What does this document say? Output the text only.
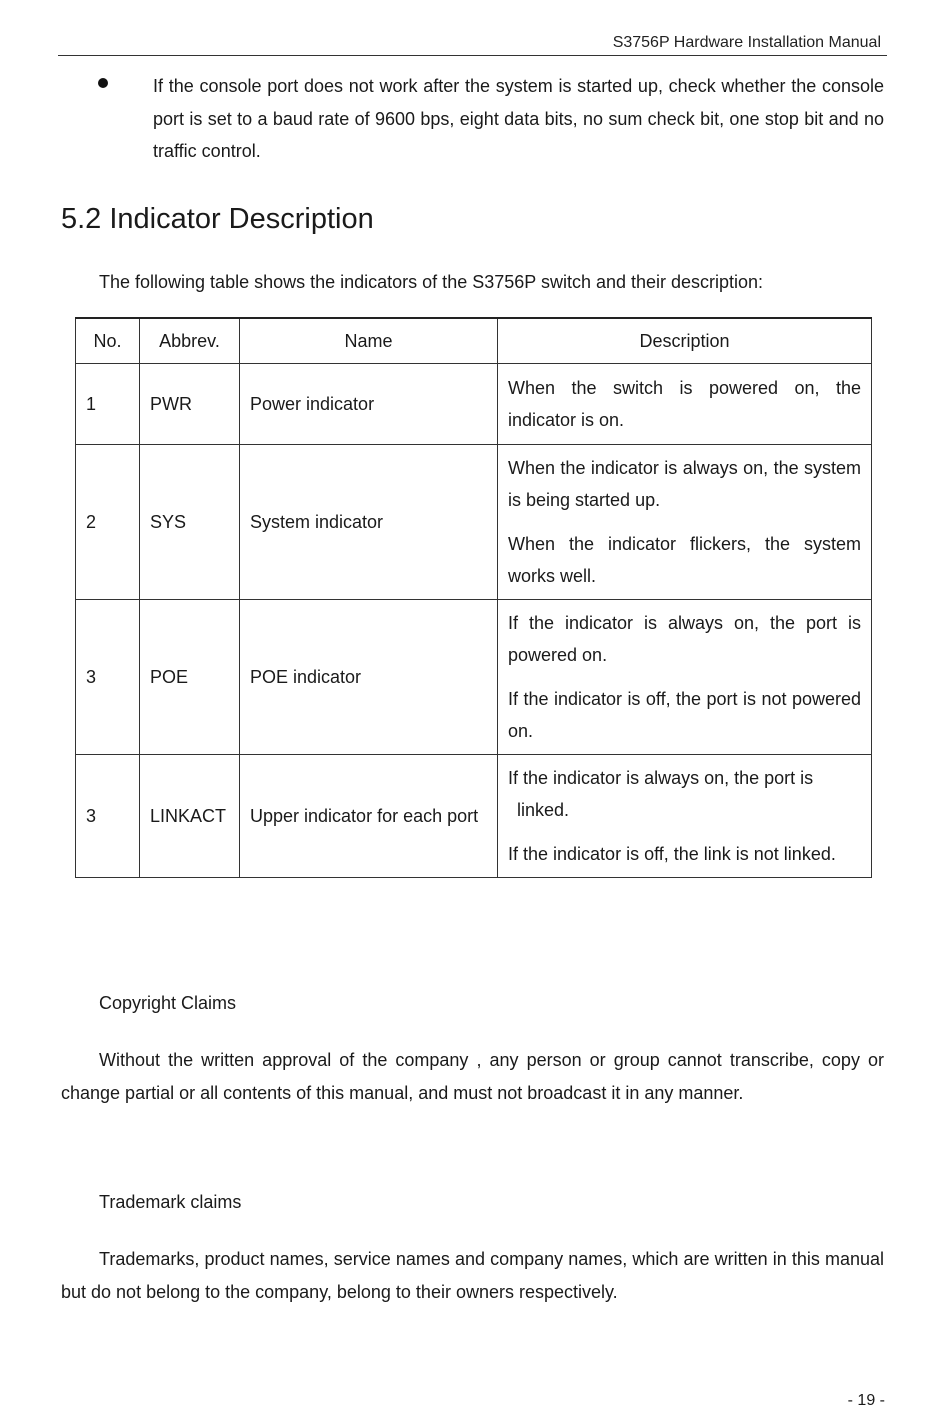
S3756P Hardware Installation Manual
If the console port does not work after the system is started up, check whether the console port is set to a baud rate of 9600 bps, eight data bits, no sum check bit, one stop bit and no traffic control.
5.2 Indicator Description
The following table shows the indicators of the S3756P switch and their description:
No.	Abbrev.	Name	Description
1	PWR	Power indicator	When the switch is powered on, the indicator is on.

2	SYS	System indicator	When the indicator is always on, the system is being started up.

When the indicator flickers, the system works well.

3	POE	POE indicator	If the indicator is always on, the port is powered on.

If the indicator is off, the port is not powered on.

3	LINKACT	Upper indicator for each port	If the indicator is always on, the port is
linked.

If the indicator is off, the link is not linked.

Copyright Claims
Without the written approval of the company , any person or group cannot transcribe, copy or change partial or all contents of this manual, and must not broadcast it in any manner.
Trademark claims
Trademarks, product names, service names and company names, which are written in this manual but do not belong to the company, belong to their owners respectively.
- 19 -
